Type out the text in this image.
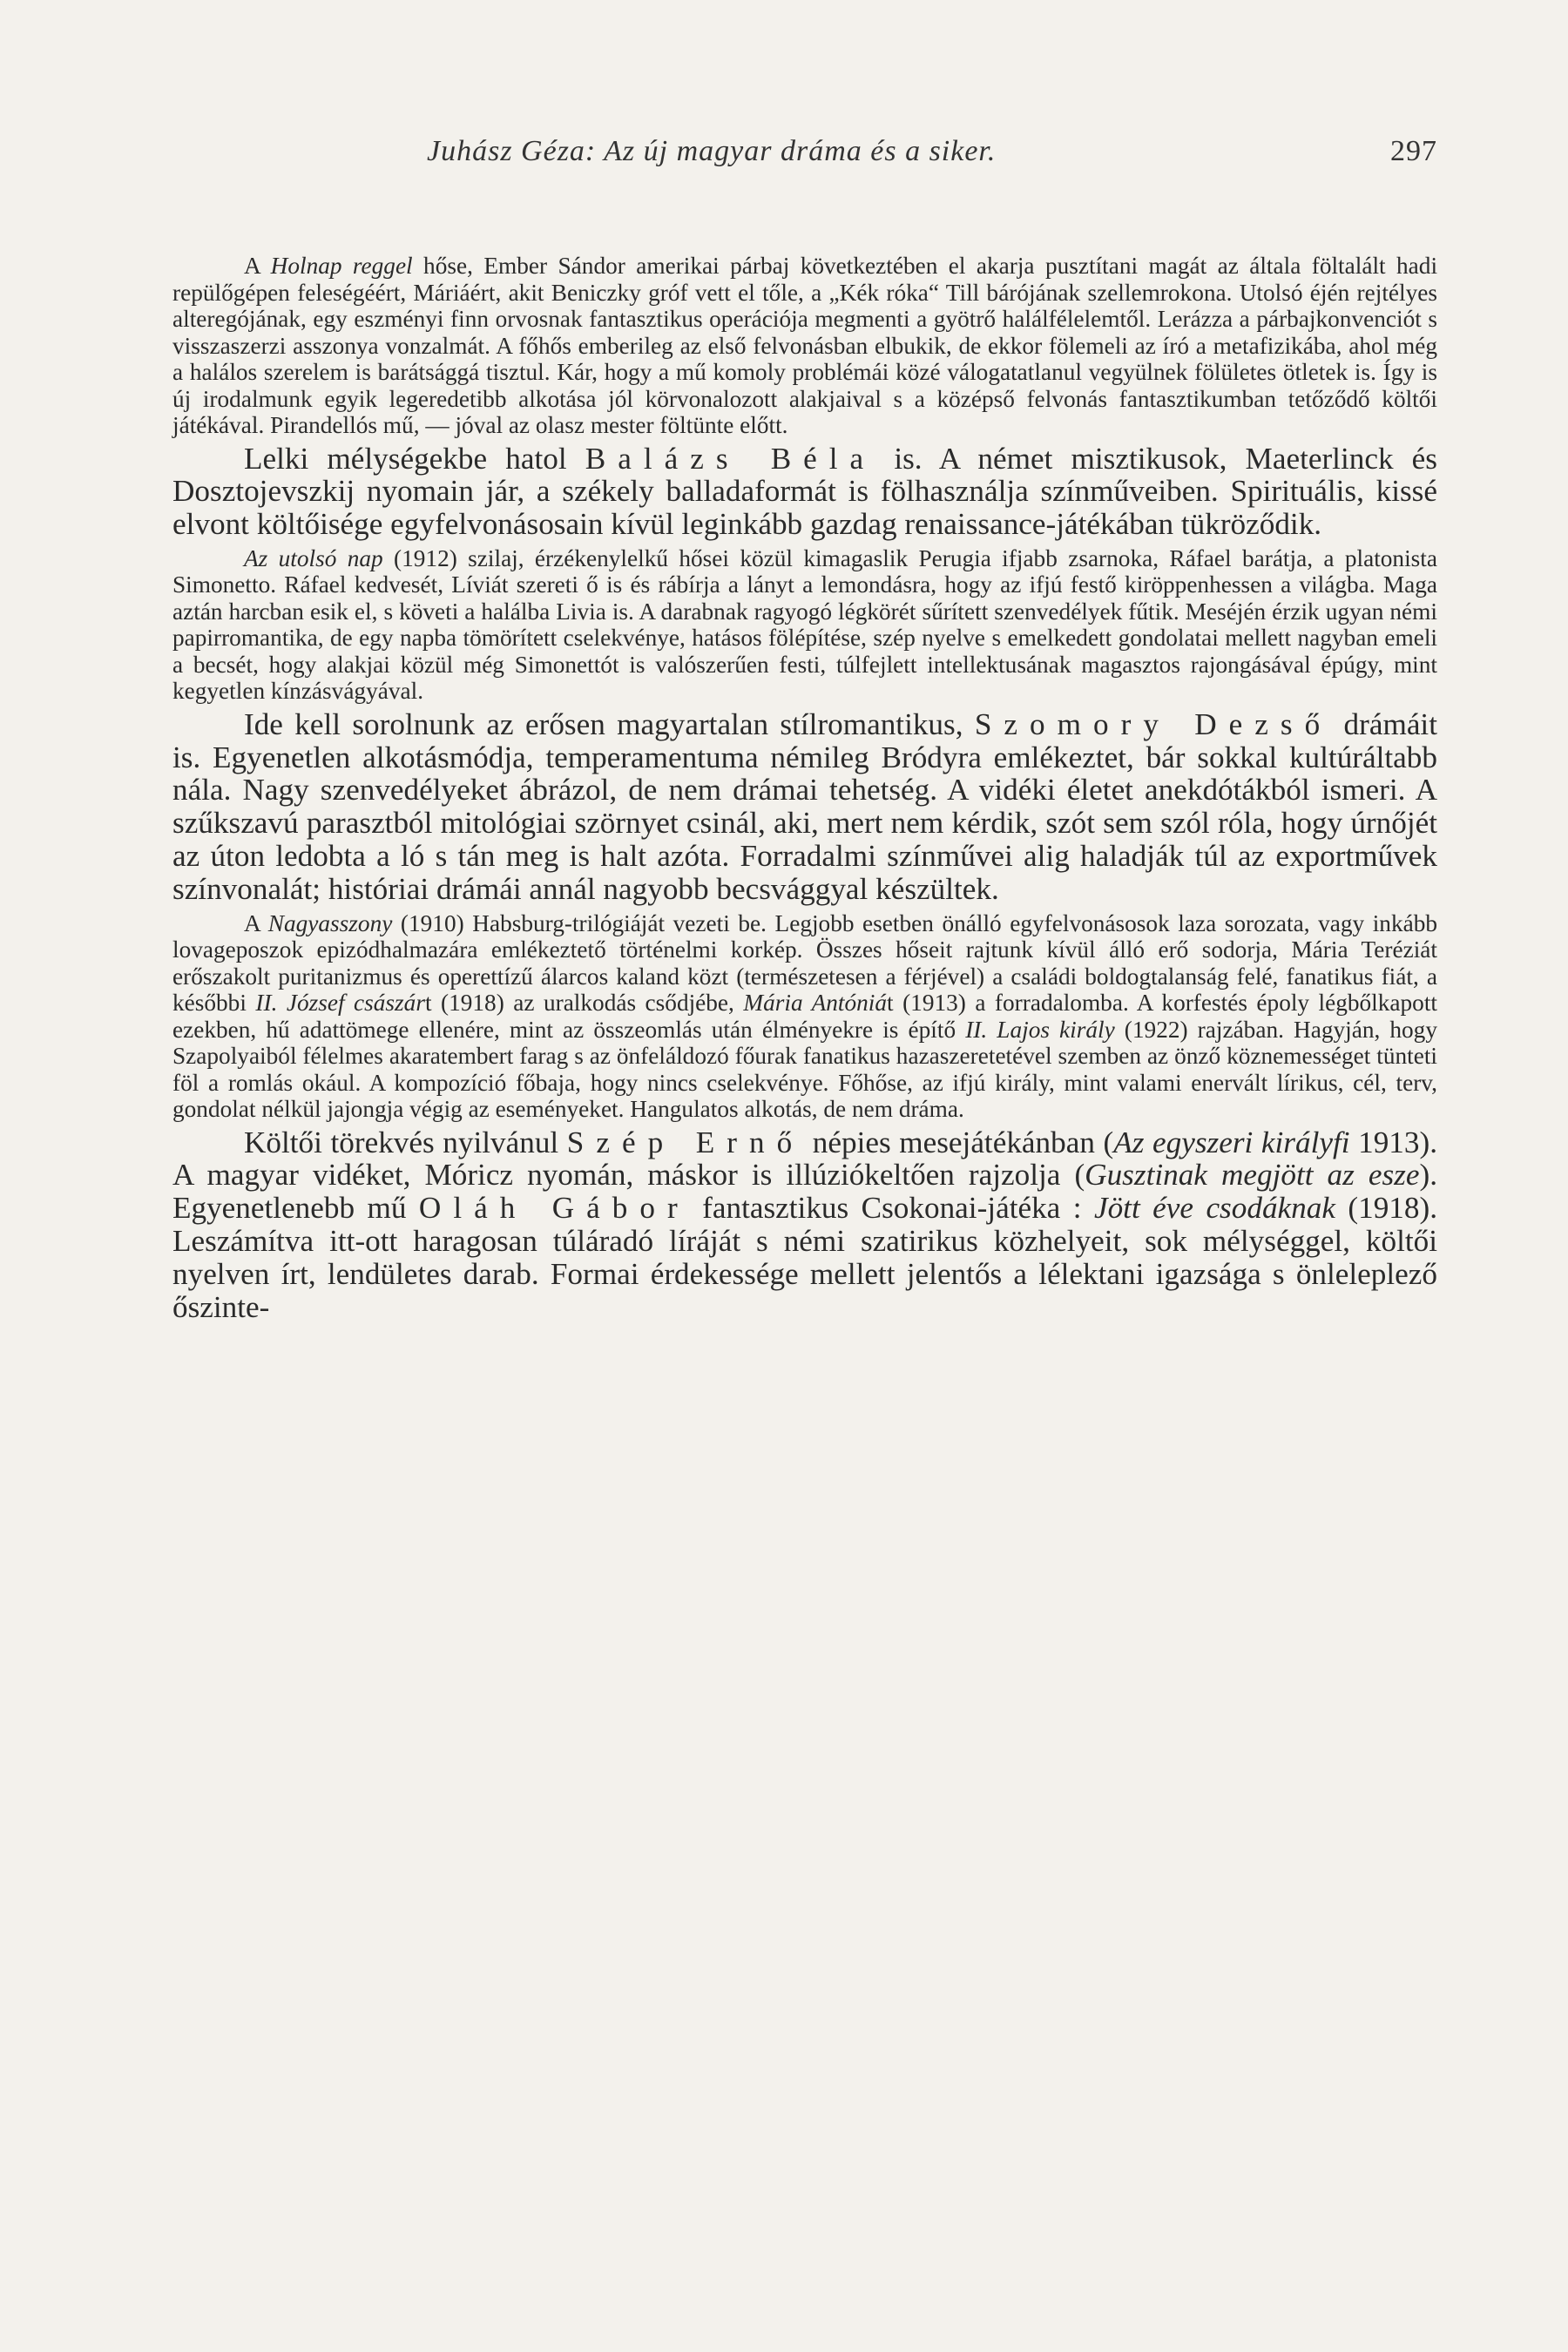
Juhász Géza: Az új magyar dráma és a siker.	297

A Holnap reggel hőse, Ember Sándor amerikai párbaj következtében el akarja pusztítani magát az általa föltalált hadi repülőgépen feleségéért, Máriáért, akit Beniczky gróf vett el tőle, a „Kék róka“ Till bárójának szellemrokona. Utolsó éjén rejtélyes alteregójának, egy eszményi finn orvosnak fantasztikus operációja megmenti a gyötrő halálfélelemtől. Lerázza a párbajkonvenciót s visszaszerzi asszonya vonzalmát. A főhős emberileg az első felvonásban elbukik, de ekkor fölemeli az író a metafizikába, ahol még a halálos szerelem is barátsággá tisztul. Kár, hogy a mű komoly problémái közé válogatatlanul vegyülnek fölületes ötletek is. Így is új irodalmunk egyik legeredetibb alkotása jól körvonalozott alakjaival s a középső felvonás fantasztikumban tetőződő költői játékával. Pirandellós mű, — jóval az olasz mester föltünte előtt.

Lelki mélységekbe hatol Balázs Béla is. A német misztikusok, Maeterlinck és Dosztojevszkij nyomain jár, a székely balladaformát is fölhasználja színműveiben. Spirituális, kissé elvont költőisége egyfelvonásosain kívül leginkább gazdag renaissance-játékában tükröződik.

Az utolsó nap (1912) szilaj, érzékenylelkű hősei közül kimagaslik Perugia ifjabb zsarnoka, Ráfael barátja, a platonista Simonetto. Ráfael kedvesét, Líviát szereti ő is és rábírja a lányt a lemondásra, hogy az ifjú festő kiröppenhessen a világba. Maga aztán harcban esik el, s követi a halálba Livia is. A darabnak ragyogó légkörét sűrített szenvedélyek fűtik. Meséjén érzik ugyan némi papirromantika, de egy napba tömörített cselekvénye, hatásos fölépítése, szép nyelve s emelkedett gondolatai mellett nagyban emeli a becsét, hogy alakjai közül még Simonettót is valószerűen festi, túlfejlett intellektusának magasztos rajongásával épúgy, mint kegyetlen kínzásvágyával.

Ide kell sorolnunk az erősen magyartalan stílromantikus, Szomory Dezső drámáit is. Egyenetlen alkotásmódja, temperamentuma némileg Bródyra emlékeztet, bár sokkal kultúráltabb nála. Nagy szenvedélyeket ábrázol, de nem drámai tehetség. A vidéki életet anekdótákból ismeri. A szűkszavú parasztból mitológiai szörnyet csinál, aki, mert nem kérdik, szót sem szól róla, hogy úrnőjét az úton ledobta a ló s tán meg is halt azóta. Forradalmi színművei alig haladják túl az exportművek színvonalát; históriai drámái annál nagyobb becsvággyal készültek.

A Nagyasszony (1910) Habsburg-trilógiáját vezeti be. Legjobb esetben önálló egyfelvonásosok laza sorozata, vagy inkább lovageposzok epizódhalmazára emlékeztető történelmi korkép. Összes hőseit rajtunk kívül álló erő sodorja, Mária Teréziát erőszakolt puritanizmus és operettízű álarcos kaland közt (természetesen a férjével) a családi boldogtalanság felé, fanatikus fiát, a későbbi II. József császárt (1918) az uralkodás csődjébe, Mária Antóniát (1913) a forradalomba. A korfestés époly légbőlkapott ezekben, hű adattömege ellenére, mint az összeomlás után élményekre is építő II. Lajos király (1922) rajzában. Hagyján, hogy Szapolyaiból félelmes akaratembert farag s az önfeláldozó főurak fanatikus hazaszeretetével szemben az önző köznemességet tünteti föl a romlás okául. A kompozíció főbaja, hogy nincs cselekvénye. Főhőse, az ifjú király, mint valami enervált lírikus, cél, terv, gondolat nélkül jajongja végig az eseményeket. Hangulatos alkotás, de nem dráma.

Költői törekvés nyilvánul Szép Ernő népies mesejátékánban (Az egyszeri királyfi 1913). A magyar vidéket, Móricz nyomán, máskor is illúziókeltően rajzolja (Gusztinak megjött az esze). Egyenetlenebb mű Oláh Gábor fantasztikus Csokonai-játéka : Jött éve csodáknak (1918). Leszámítva itt-ott haragosan túláradó líráját s némi szatirikus közhelyeit, sok mélységgel, költői nyelven írt, lendületes darab. Formai érdekessége mellett jelentős a lélektani igazsága s önleleplező őszinte-
